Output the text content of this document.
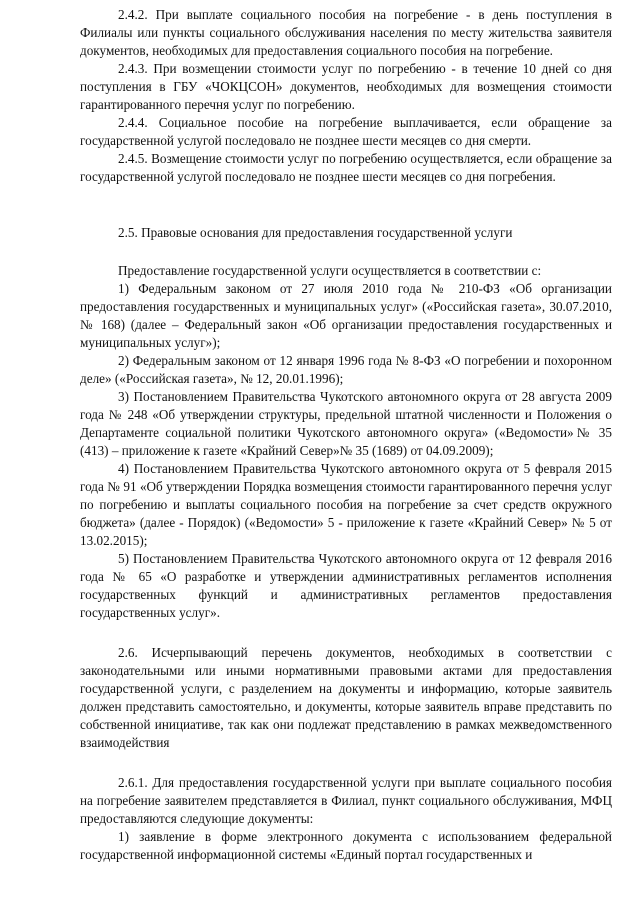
2.4.2. При выплате социального пособия на погребение - в день поступления в Филиалы или пункты социального обслуживания населения по месту жительства заявителя документов, необходимых для предоставления социального пособия на погребение.

2.4.3. При возмещении стоимости услуг по погребению - в течение 10 дней со дня поступления в ГБУ «ЧОКЦСОН» документов, необходимых для возмещения стоимости гарантированного перечня услуг по погребению.

2.4.4. Социальное пособие на погребение выплачивается, если обращение за государственной услугой последовало не позднее шести месяцев со дня смерти.

2.4.5. Возмещение стоимости услуг по погребению осуществляется, если обращение за государственной услугой последовало не позднее шести месяцев со дня погребения.

2.5. Правовые основания для предоставления государственной услуги

Предоставление государственной услуги осуществляется в соответствии с:

1) Федеральным законом от 27 июля 2010 года № 210-ФЗ «Об организации предоставления государственных и муниципальных услуг» («Российская газета», 30.07.2010, № 168) (далее – Федеральный закон «Об организации предоставления государственных и муниципальных услуг»);

2) Федеральным законом от 12 января 1996 года № 8-ФЗ «О погребении и похоронном деле» («Российская газета», № 12, 20.01.1996);

3) Постановлением Правительства Чукотского автономного округа от 28 августа 2009 года № 248 «Об утверждении структуры, предельной штатной численности и Положения о Департаменте социальной политики Чукотского автономного округа» («Ведомости»№ 35 (413) – приложение к газете «Крайний Север»№ 35 (1689) от 04.09.2009);

4) Постановлением Правительства Чукотского автономного округа от 5 февраля 2015 года № 91 «Об утверждении Порядка возмещения стоимости гарантированного перечня услуг по погребению и выплаты социального пособия на погребение за счет средств окружного бюджета» (далее - Порядок) («Ведомости» 5 - приложение к газете «Крайний Север» № 5 от 13.02.2015);

5) Постановлением Правительства Чукотского автономного округа от 12 февраля 2016 года № 65 «О разработке и утверждении административных регламентов исполнения государственных функций и административных регламентов предоставления государственных услуг».

2.6. Исчерпывающий перечень документов, необходимых в соответствии с законодательными или иными нормативными правовыми актами для предоставления государственной услуги, с разделением на документы и информацию, которые заявитель должен представить самостоятельно, и документы, которые заявитель вправе представить по собственной инициативе, так как они подлежат представлению в рамках межведомственного взаимодействия

2.6.1. Для предоставления государственной услуги при выплате социального пособия на погребение заявителем представляется в Филиал, пункт социального обслуживания, МФЦ предоставляются следующие документы:

1) заявление в форме электронного документа с использованием федеральной государственной информационной системы «Единый портал государственных и
